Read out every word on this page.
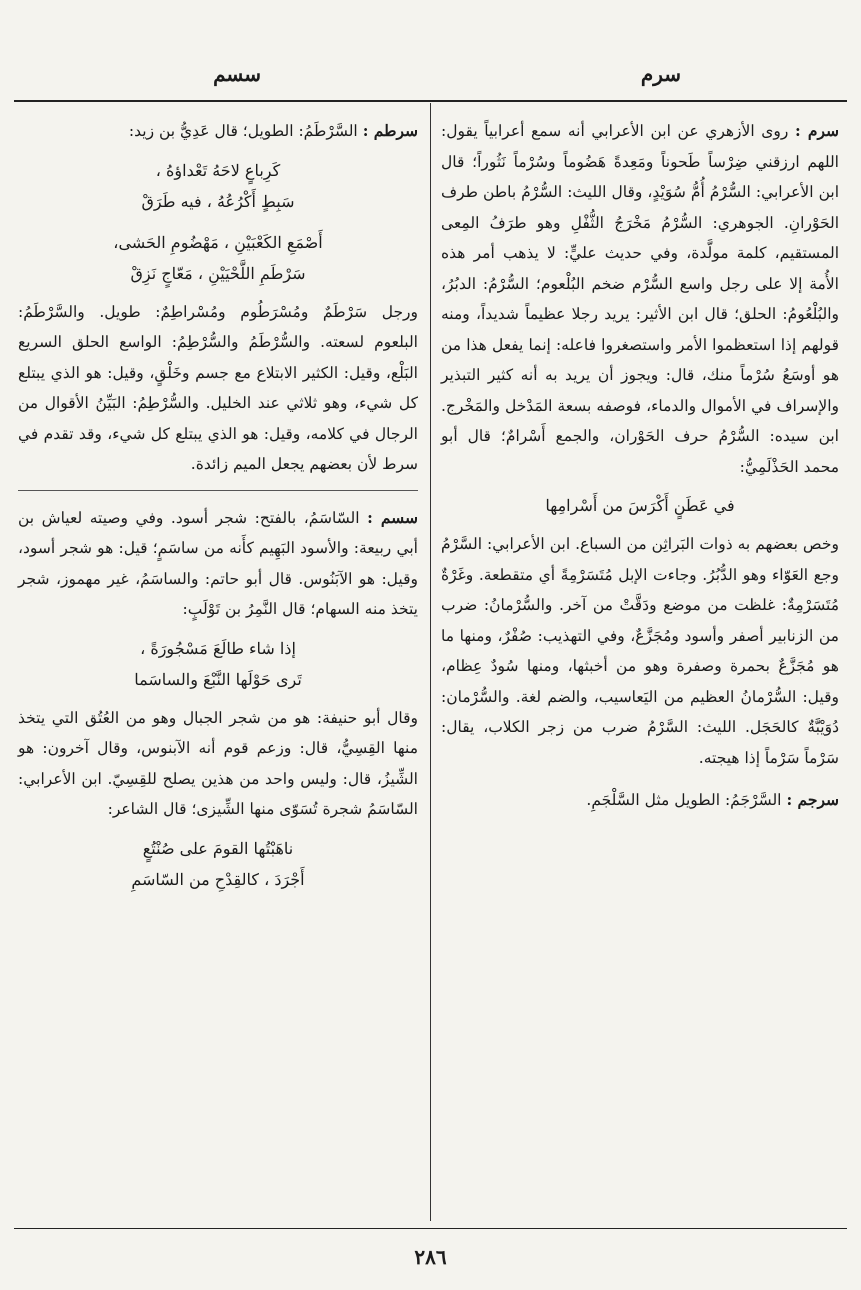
سرم
سسم

سرم : روى الأزهري عن ابن الأعرابي أنه سمع أعرابياً يقول: اللهم ارزقني ضِرْساً طَحوناً ومَعِدةً هَضُوماً وسُرْماً نَثُوراً؛ قال ابن الأعرابي: السُّرْمُ أُمُّ سُوَيْدٍ، وقال الليث: السُّرْمُ باطن طرف الحَوْرانِ. الجوهري: السُّرْمُ مَخْرَجُ الثُّفْلِ وهو طرَفُ المِعى المستقيم، كلمة مولَّدة، وفي حديث عليٍّ: لا يذهب أمر هذه الأُمة إلا على رجل واسع السُّرْم ضخم البُلْعوم؛ السُّرْمُ: الدبُرُ، والبُلْعُومُ: الحلق؛ قال ابن الأثير: يريد رجلا عظيماً شديداً، ومنه قولهم إذا استعظموا الأمر واستصغروا فاعله: إنما يفعل هذا من هو أوسَعُ سُرْماً منك، قال: ويجوز أن يريد به أنه كثير التبذير والإسراف في الأموال والدماء، فوصفه بسعة المَدْخل والمَخْرج. ابن سيده: السُّرْمُ حرف الحَوْران، والجمع أَسْرامٌ؛ قال أبو محمد الحَذْلَمِيُّ:

في عَطَنٍ أَكْرَسَ من أَسْرامِها

وخص بعضهم به ذوات البَراثِن من السباع. ابن الأعرابي: السَّرْمُ وجع العَوّاء وهو الدُّبُرُ. وجاءت الإبل مُتَسَرْمِةً أي متقطعة. وغَرْةٌ مُتَسَرْمِةٌ: غلظت من موضع ودَقَّتْ من آخر. والسُّرْمانُ: ضرب من الزنابير أصفر وأسود ومُجَزَّعٌ، وفي التهذيب: صُفْرٌ، ومنها ما هو مُجَزَّعٌ بحمرة وصفرة وهو من أخبثها، ومنها سُودٌ عِظام، وقيل: السُّرْمانُ العظيم من اليَعاسيب، والضم لغة. والسُّرْمان: دُوَيْبَّةٌ كالحَجَل. الليث: السَّرْمُ ضرب من زجر الكلاب، يقال: سَرْماً سَرْماً إذا هيجته.

سرجم : السَّرْجَمُ: الطويل مثل السَّلْجَمِ.

سرطم : السَّرْطَمُ: الطويل؛ قال عَدِيُّ بن زيد:

كَرِباعٍ لاحَهُ تَعْداؤهُ ،
سَبِطٍ أَكْرُعُهُ ، فيه طَرَقْ
أَصْمَعِ الكَعْبَيْنِ ، مَهْضُومِ الحَشى،
سَرْطَمِ اللَّحْيَيْنِ ، مَعّاجٍ نَزِقْ

ورجل سَرْطَمٌ ومُسْرَطُوم ومُسْراطِمٌ: طويل. والسَّرْطَمُ: البلعوم لسعته. والسُّرْطَمُ والسُّرْطِمُ: الواسع الحلق السريع البَلْع، وقيل: الكثير الابتلاع مع جسم وخَلْقٍ، وقيل: هو الذي يبتلع كل شيء، وهو ثلاثي عند الخليل. والسُّرْطِمُ: البَيِّنُ الأقوال من الرجال في كلامه، وقيل: هو الذي يبتلع كل شيء، وقد تقدم في سرط لأن بعضهم يجعل الميم زائدة.

سسم : السّاسَمُ، بالفتح: شجر أسود. وفي وصيته لعياش بن أبي ربيعة: والأسود البَهِيم كأَنه من ساسَمٍ؛ قيل: هو شجر أسود، وقيل: هو الآبَنُوس. قال أبو حاتم: والساسَمُ، غير مهموز، شجر يتخذ منه السهام؛ قال النَّمِرُ بن تَوْلَبٍ:

إذا شاء طالَعَ مَسْجُورَةً ،
تَرى حَوْلَها النَّبْعَ والساسَما

وقال أبو حنيفة: هو من شجر الجبال وهو من العُتُق التي يتخذ منها القِسِيُّ، قال: وزعم قوم أنه الآبنوس، وقال آخرون: هو الشِّيزُ، قال: وليس واحد من هذين يصلح للقِسِيّ. ابن الأعرابي: السّاسَمُ شجرة تُسَوّى منها الشِّيزى؛ قال الشاعر:

ناهَبْتُها القومَ على صُنْتُعٍ
أَجْرَدَ ، كالقِدْحِ من السّاسَمِ
٢٨٦
